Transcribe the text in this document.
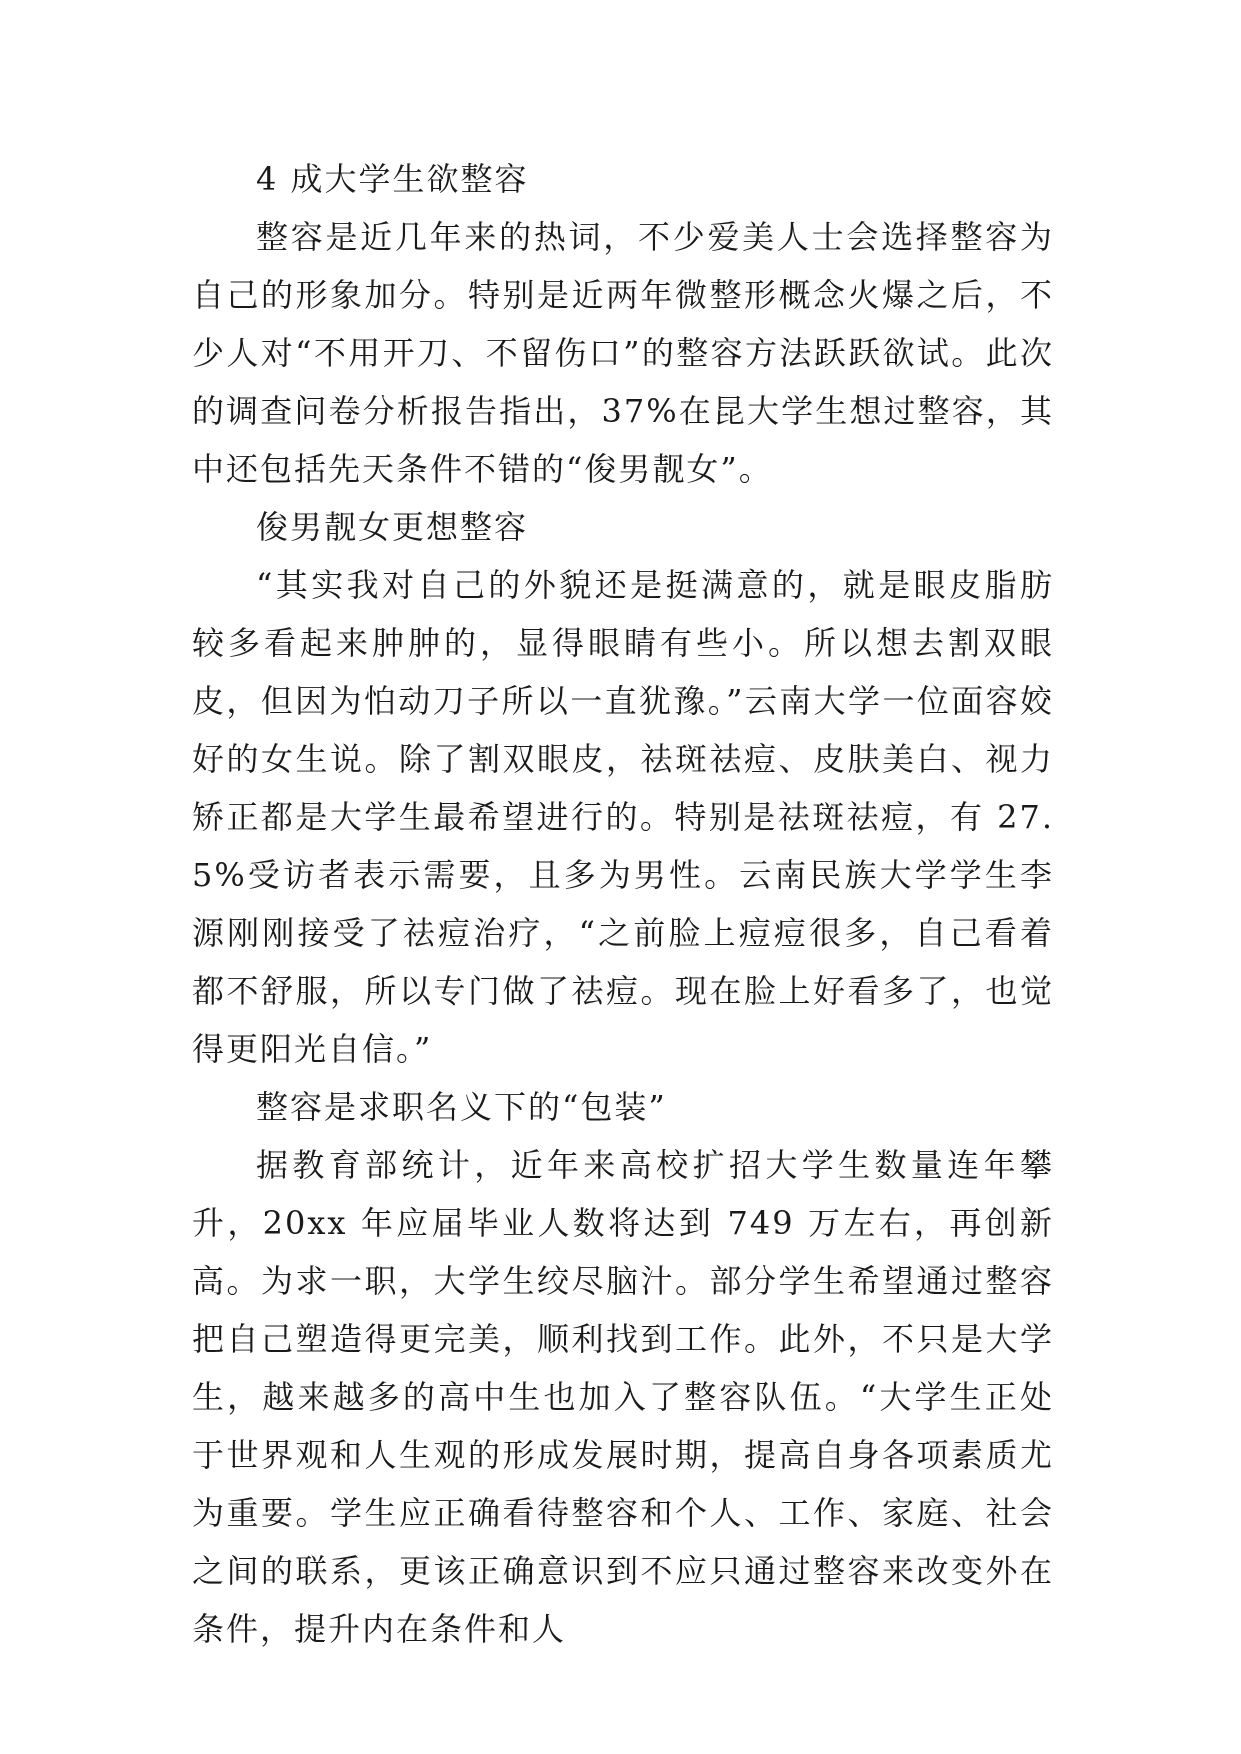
4 成大学生欲整容

整容是近几年来的热词，不少爱美人士会选择整容为自己的形象加分。特别是近两年微整形概念火爆之后，不少人对“不用开刀、不留伤口”的整容方法跃跃欲试。此次的调查问卷分析报告指出，37%在昆大学生想过整容，其中还包括先天条件不错的“俊男靓女”。

俊男靓女更想整容

“其实我对自己的外貌还是挺满意的，就是眼皮脂肪较多看起来肿肿的，显得眼睛有些小。所以想去割双眼皮，但因为怕动刀子所以一直犹豫。”云南大学一位面容姣好的女生说。除了割双眼皮，祛斑祛痘、皮肤美白、视力矫正都是大学生最希望进行的。特别是祛斑祛痘，有 27.5%受访者表示需要，且多为男性。云南民族大学学生李源刚刚接受了祛痘治疗，“之前脸上痘痘很多，自己看着都不舒服，所以专门做了祛痘。现在脸上好看多了，也觉得更阳光自信。”

整容是求职名义下的“包装”

据教育部统计，近年来高校扩招大学生数量连年攀升，20xx 年应届毕业人数将达到 749 万左右，再创新高。为求一职，大学生绞尽脑汁。部分学生希望通过整容把自己塑造得更完美，顺利找到工作。此外，不只是大学生，越来越多的高中生也加入了整容队伍。“大学生正处于世界观和人生观的形成发展时期，提高自身各项素质尤为重要。学生应正确看待整容和个人、工作、家庭、社会之间的联系，更该正确意识到不应只通过整容来改变外在条件，提升内在条件和人
